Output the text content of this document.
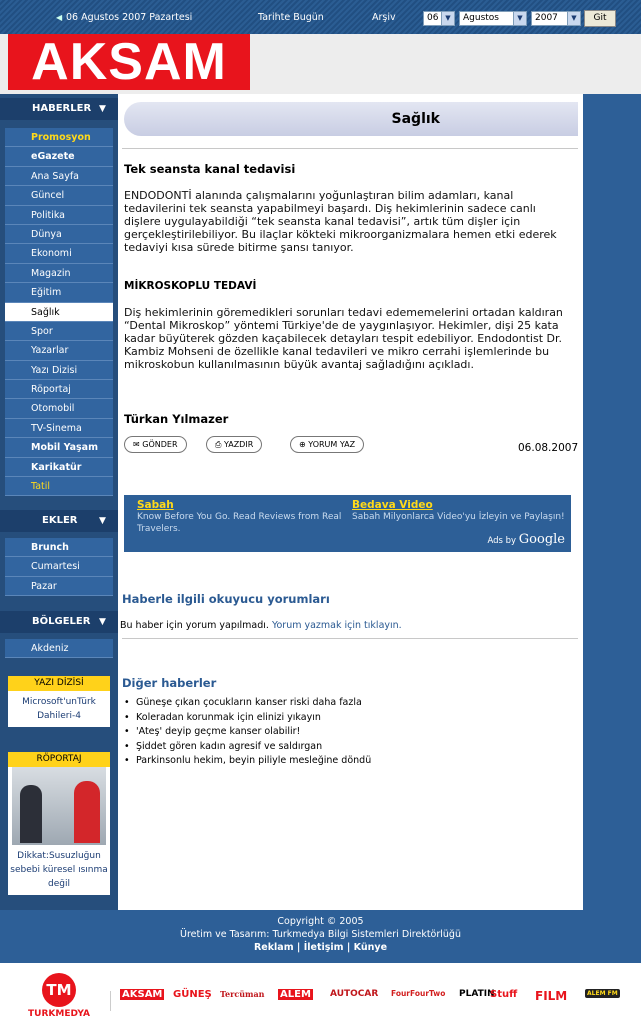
◀ 06 Agustos 2007 Pazartesi	Tarihte Bugün	Arşiv	06 ▼	Agustos	▼	2007	▼	Git
AKSAM
HABERLER ▼
Promosyon
eGazete
Ana Sayfa
Güncel
Politika
Dünya
Ekonomi
Magazin
Eğitim
Sağlık
Spor
Yazarlar
Yazı Dizisi
Röportaj
Otomobil
TV-Sinema
Mobil Yaşam
Karikatür
Tatil
EKLER ▼
Brunch
Cumartesi
Pazar
BÖLGELER ▼
Akdeniz
YAZI DİZİSİ
Microsoft'unTürk Dahileri-4
RÖPORTAJ
Dikkat:Susuzluğun sebebi küresel ısınma değil
Sağlık
Tek seansta kanal tedavisi
ENDODONTİ alanında çalışmalarını yoğunlaştıran bilim adamları, kanal tedavilerini tek seansta yapabilmeyi başardı. Diş hekimlerinin sadece canlı dişlere uygulayabildiği “tek seansta kanal tedavisi”, artık tüm dişler için gerçekleştirilebiliyor. Bu ilaçlar kökteki mikroorganizmalara hemen etki ederek tedaviyi kısa sürede bitirme şansı tanıyor.
MİKROSKOPLU TEDAVİ
Diş hekimlerinin göremedikleri sorunları tedavi edememelerini ortadan kaldıran “Dental Mikroskop” yöntemi Türkiye'de de yaygınlaşıyor. Hekimler, dişi 25 kata kadar büyüterek gözden kaçabilecek detayları tespit edebiliyor. Endodontist Dr. Kambiz Mohseni de özellikle kanal tedavileri ve mikro cerrahi işlemlerinde bu mikroskobun kullanılmasının büyük avantaj sağladığını açıkladı.
Türkan Yılmazer
✉ GÖNDER	⎙ YAZDIR	⊕ YORUM YAZ	06.08.2007
Sabah
Know Before You Go. Read Reviews from Real Travelers.
Bedava Video
Sabah Milyonlarca Video'yu İzleyin ve Paylaşın!
Ads by Google
Haberle ilgili okuyucu yorumları
Bu haber için yorum yapılmadı. Yorum yazmak için tıklayın.
Diğer haberler
• Güneşe çıkan çocukların kanser riski daha fazla
• Koleradan korunmak için elinizi yıkayın
• 'Ateş' deyip geçme kanser olabilir!
• Şiddet gören kadın agresif ve saldırgan
• Parkinsonlu hekim, beyin piliyle mesleğine döndü
Copyright © 2005
Üretim ve Tasarım: Turkmedya Bilgi Sistemleri Direktörlüğü
Reklam | İletişim | Künye
TM
TURKMEDYA
AKSAM GÜNEŞ Tercüman ALEM AUTOCAR FourFourTwo PLATIN
Stuff FILM	ALEM FM
